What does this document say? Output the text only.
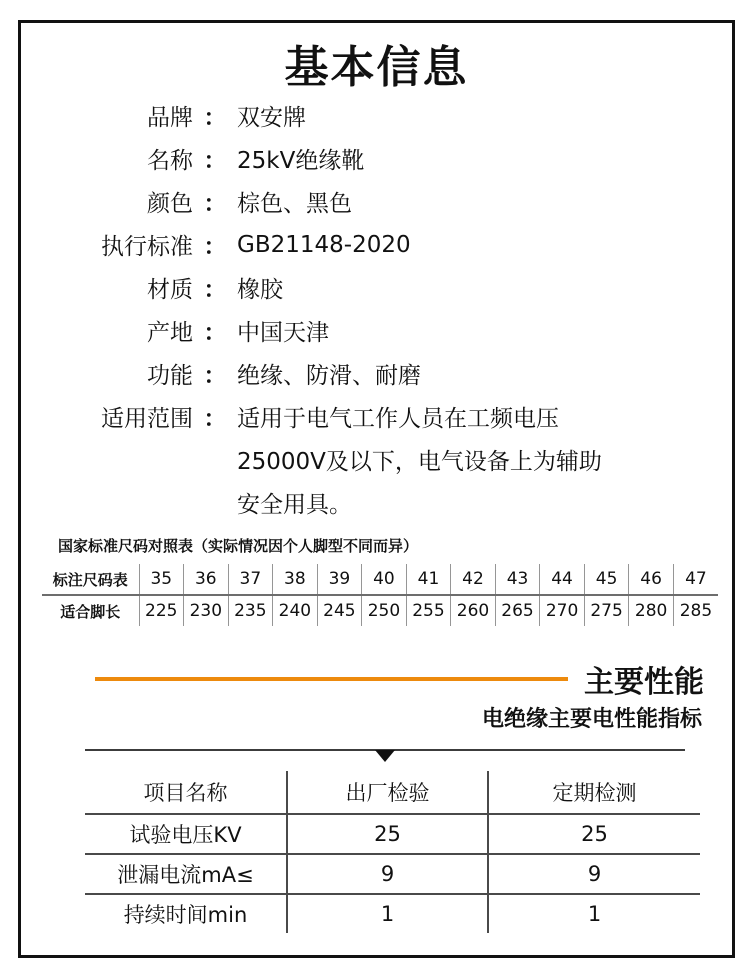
基本信息
品牌 ： 双安牌
名称 ： 25kV绝缘靴
颜色 ： 棕色、黑色
执行标准 ： GB21148-2020
材质 ： 橡胶
产地 ： 中国天津
功能 ： 绝缘、防滑、耐磨
适用范围 ： 适用于电气工作人员在工频电压
25000V及以下，电气设备上为辅助
安全用具。
国家标准尺码对照表（实际情况因个人脚型不同而异）
标注尺码表	35	36	37	38	39	40	41	42	43	44	45	46	47
适合脚长	225	230	235	240	245	250	255	260	265	270	275	280	285
主要性能
电绝缘主要电性能指标
项目名称	出厂检验	定期检测
试验电压KV	25	25
泄漏电流mA≤	9	9
持续时间min	1	1
